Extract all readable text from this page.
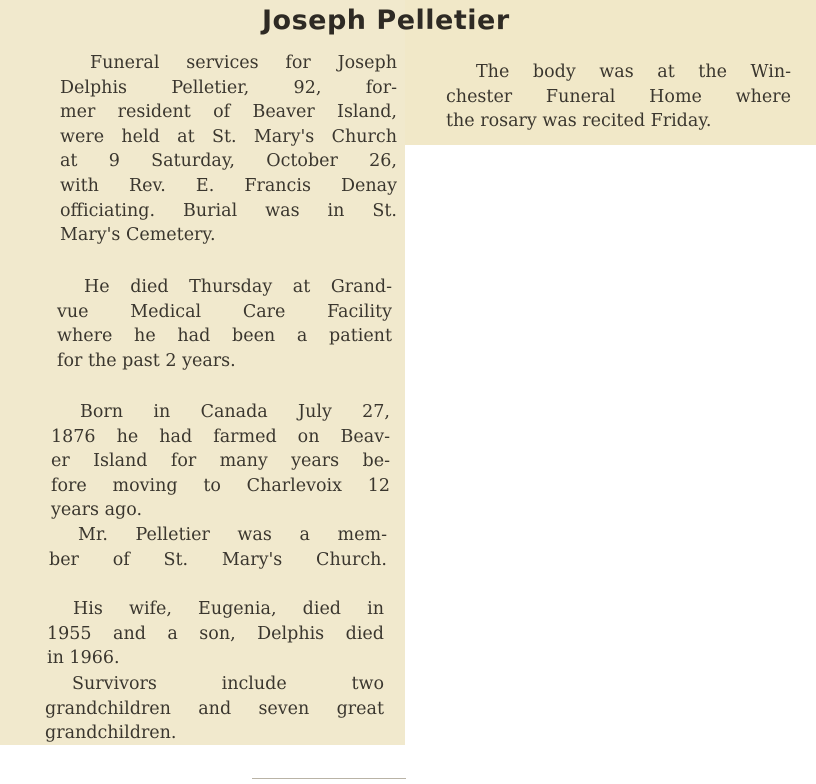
Joseph Pelletier
Funeral services for Joseph
Delphis Pelletier, 92, for-
mer resident of Beaver Island,
were held at St. Mary's Church
at 9 Saturday, October 26,
with Rev. E. Francis Denay
officiating. Burial was in St.
Mary's Cemetery.
He died Thursday at Grand-
vue Medical Care Facility
where he had been a patient
for the past 2 years.
Born in Canada July 27,
1876 he had farmed on Beav-
er Island for many years be-
fore moving to Charlevoix 12
years ago.
Mr. Pelletier was a mem-
ber of St. Mary's Church.
His wife, Eugenia, died in
1955 and a son, Delphis died
in 1966.
Survivors include two
grandchildren and seven great
grandchildren.
The body was at the Win-
chester Funeral Home where
the rosary was recited Friday.
